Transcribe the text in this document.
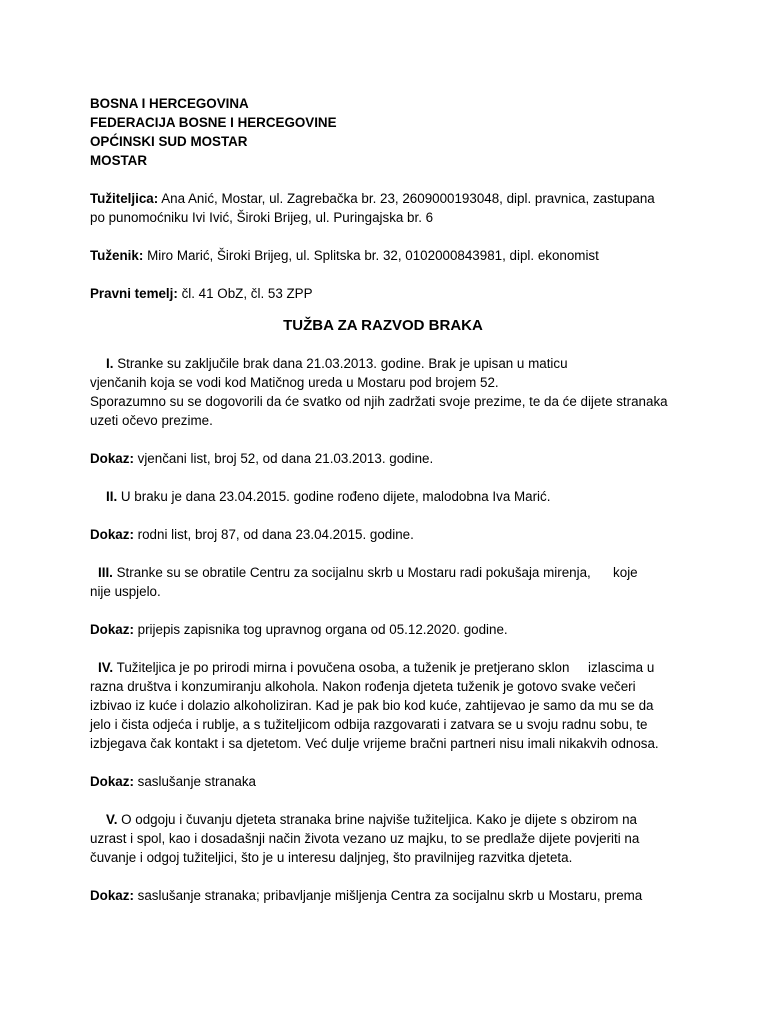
BOSNA I HERCEGOVINA
FEDERACIJA BOSNE I HERCEGOVINE
OPĆINSKI SUD MOSTAR
MOSTAR
Tužiteljica: Ana Anić, Mostar, ul. Zagrebačka br. 23, 2609000193048, dipl. pravnica, zastupana
po punomoćniku Ivi Ivić, Široki Brijeg, ul. Puringajska br. 6
Tuženik: Miro Marić, Široki Brijeg, ul. Splitska br. 32, 0102000843981, dipl. ekonomist
Pravni temelj: čl. 41 ObZ, čl. 53 ZPP
TUŽBA ZA RAZVOD BRAKA
I. Stranke su zaključile brak dana 21.03.2013. godine. Brak je upisan u maticu
vjenčanih koja se vodi kod Matičnog ureda u Mostaru pod brojem 52.
Sporazumno su se dogovorili da će svatko od njih zadržati svoje prezime, te da će dijete stranaka
uzeti očevo prezime.
Dokaz: vjenčani list, broj 52, od dana 21.03.2013. godine.
II. U braku je dana 23.04.2015. godine rođeno dijete, malodobna Iva Marić.
Dokaz: rodni list, broj 87, od dana 23.04.2015. godine.
III. Stranke su se obratile Centru za socijalnu skrb u Mostaru radi pokušaja mirenja,      koje
nije uspjelo.
Dokaz: prijepis zapisnika tog upravnog organa od 05.12.2020. godine.
IV. Tužiteljica je po prirodi mirna i povučena osoba, a tuženik je pretjerano sklon     izlascima u
razna društva i konzumiranju alkohola. Nakon rođenja djeteta tuženik je gotovo svake večeri
izbivao iz kuće i dolazio alkoholiziran. Kad je pak bio kod kuće, zahtijevao je samo da mu se da
jelo i čista odjeća i rublje, a s tužiteljicom odbija razgovarati i zatvara se u svoju radnu sobu, te
izbjegava čak kontakt i sa djetetom. Već dulje vrijeme bračni partneri nisu imali nikakvih odnosa.
Dokaz: saslušanje stranaka
V. O odgoju i čuvanju djeteta stranaka brine najviše tužiteljica. Kako je dijete s obzirom na
uzrast i spol, kao i dosadašnji način života vezano uz majku, to se predlaže dijete povjeriti na
čuvanje i odgoj tužiteljici, što je u interesu daljnjeg, što pravilnijeg razvitka djeteta.
Dokaz: saslušanje stranaka; pribavljanje mišljenja Centra za socijalnu skrb u Mostaru, prema
